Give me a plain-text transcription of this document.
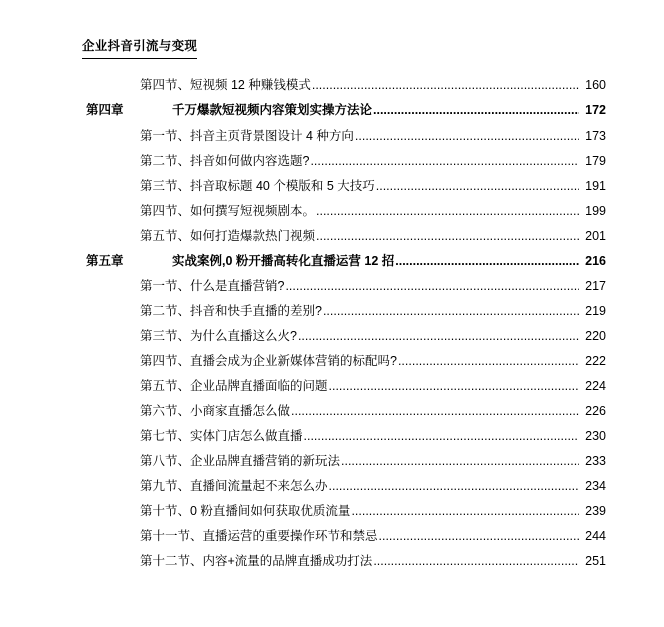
企业抖音引流与变现
第四节、短视频 12 种赚钱模式 .....	160
第四章	千万爆款短视频内容策划实操方法论 .....	172
第一节、抖音主页背景图设计 4 种方向 .....	173
第二节、抖音如何做内容选题? .....	179
第三节、抖音取标题 40 个模版和 5 大技巧 .....	191
第四节、如何撰写短视频剧本。 .....	199
第五节、如何打造爆款热门视频 .....	201
第五章	实战案例,0 粉开播高转化直播运营 12 招 .....	216
第一节、什么是直播营销? .....	217
第二节、抖音和快手直播的差别? .....	219
第三节、为什么直播这么火? .....	220
第四节、直播会成为企业新媒体营销的标配吗? .....	222
第五节、企业品牌直播面临的问题 .....	224
第六节、小商家直播怎么做 .....	226
第七节、实体门店怎么做直播 .....	230
第八节、企业品牌直播营销的新玩法 .....	233
第九节、直播间流量起不来怎么办 .....	234
第十节、0 粉直播间如何获取优质流量 .....	239
第十一节、直播运营的重要操作环节和禁忌 .....	244
第十二节、内容+流量的品牌直播成功打法 .....	251
